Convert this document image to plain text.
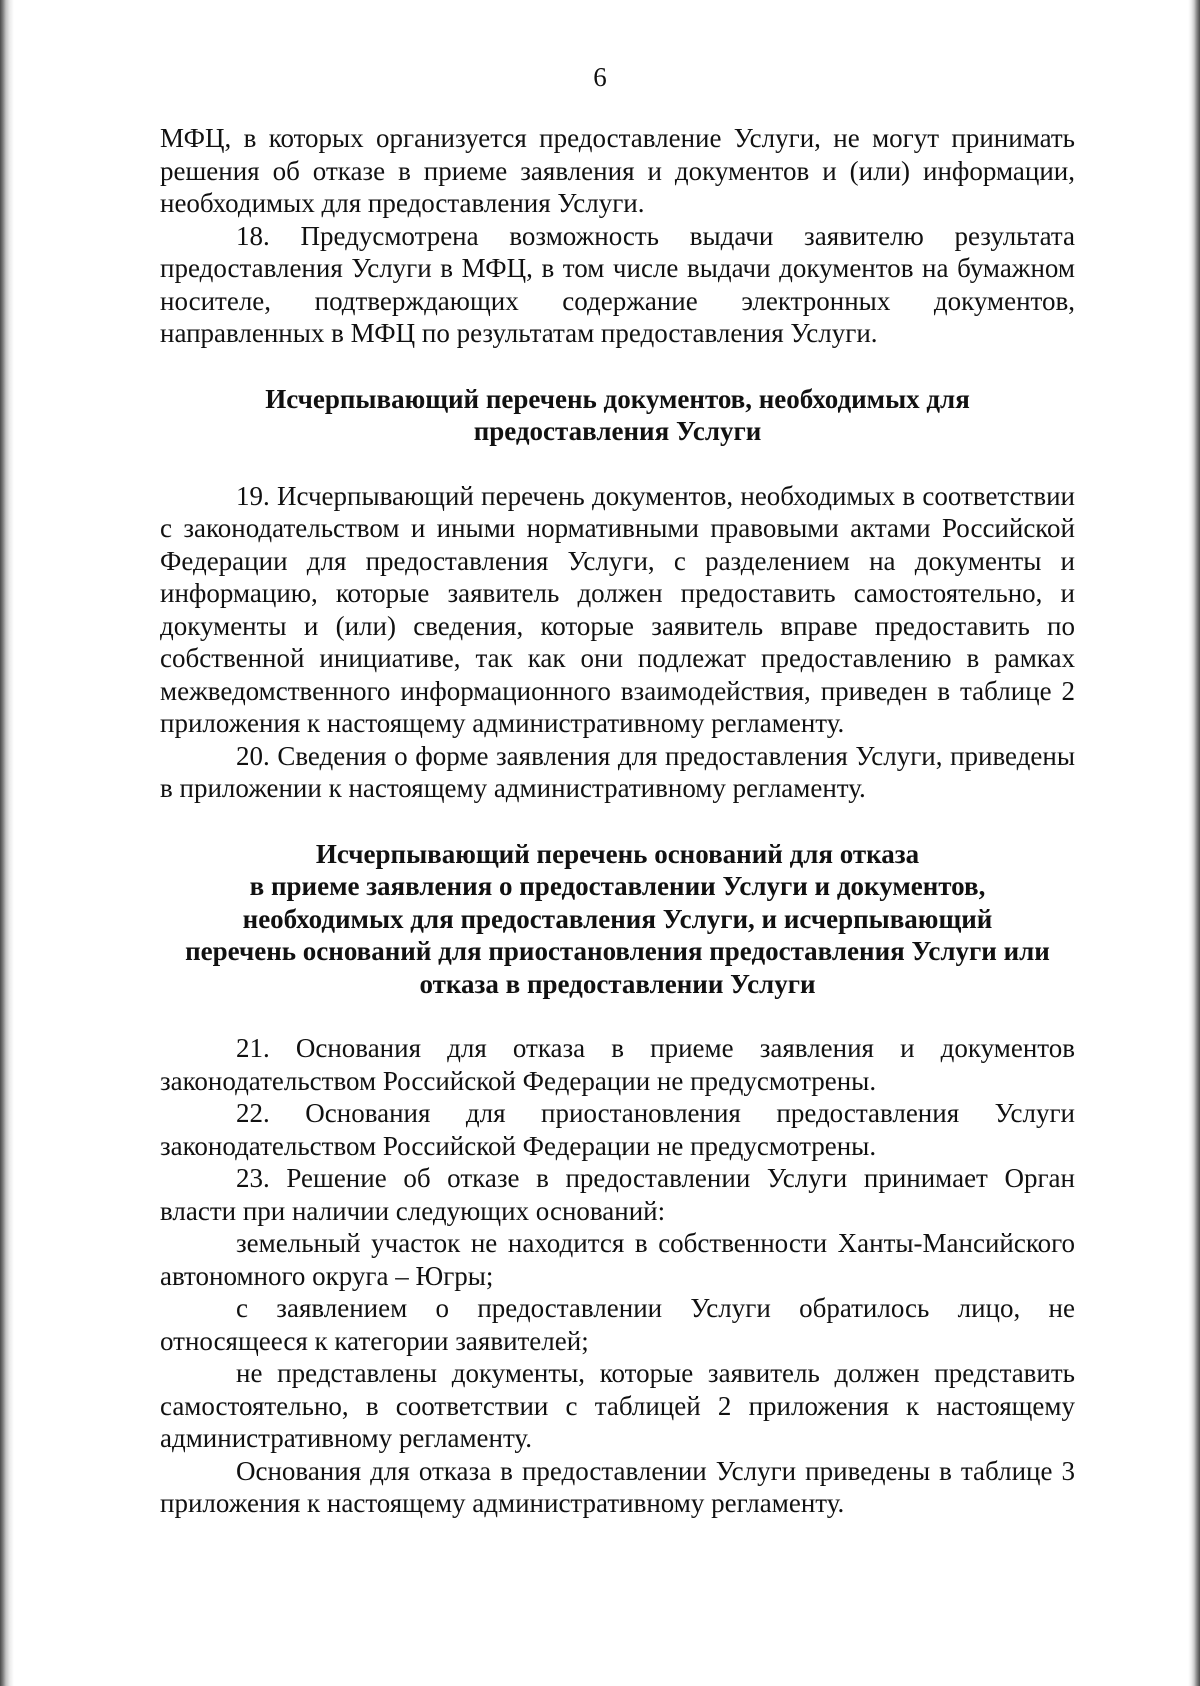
6

МФЦ, в которых организуется предоставление Услуги, не могут принимать решения об отказе в приеме заявления и документов и (или) информации, необходимых для предоставления Услуги.

18. Предусмотрена возможность выдачи заявителю результата предоставления Услуги в МФЦ, в том числе выдачи документов на бумажном носителе, подтверждающих содержание электронных документов, направленных в МФЦ по результатам предоставления Услуги.

Исчерпывающий перечень документов, необходимых для
предоставления Услуги

19. Исчерпывающий перечень документов, необходимых в соответствии с законодательством и иными нормативными правовыми актами Российской Федерации для предоставления Услуги, с разделением на документы и информацию, которые заявитель должен предоставить самостоятельно, и документы и (или) сведения, которые заявитель вправе предоставить по собственной инициативе, так как они подлежат предоставлению в рамках межведомственного информационного взаимодействия, приведен в таблице 2 приложения к настоящему административному регламенту.

20. Сведения о форме заявления для предоставления Услуги, приведены в приложении к настоящему административному регламенту.

Исчерпывающий перечень оснований для отказа
в приеме заявления о предоставлении Услуги и документов,
необходимых для предоставления Услуги, и исчерпывающий
перечень оснований для приостановления предоставления Услуги или
отказа в предоставлении Услуги

21. Основания для отказа в приеме заявления и документов законодательством Российской Федерации не предусмотрены.

22. Основания для приостановления предоставления Услуги законодательством Российской Федерации не предусмотрены.

23. Решение об отказе в предоставлении Услуги принимает Орган власти при наличии следующих оснований:

земельный участок не находится в собственности Ханты-Мансийского автономного округа – Югры;

с заявлением о предоставлении Услуги обратилось лицо, не относящееся к категории заявителей;

не представлены документы, которые заявитель должен представить самостоятельно, в соответствии с таблицей 2 приложения к настоящему административному регламенту.

Основания для отказа в предоставлении Услуги приведены в таблице 3 приложения к настоящему административному регламенту.
